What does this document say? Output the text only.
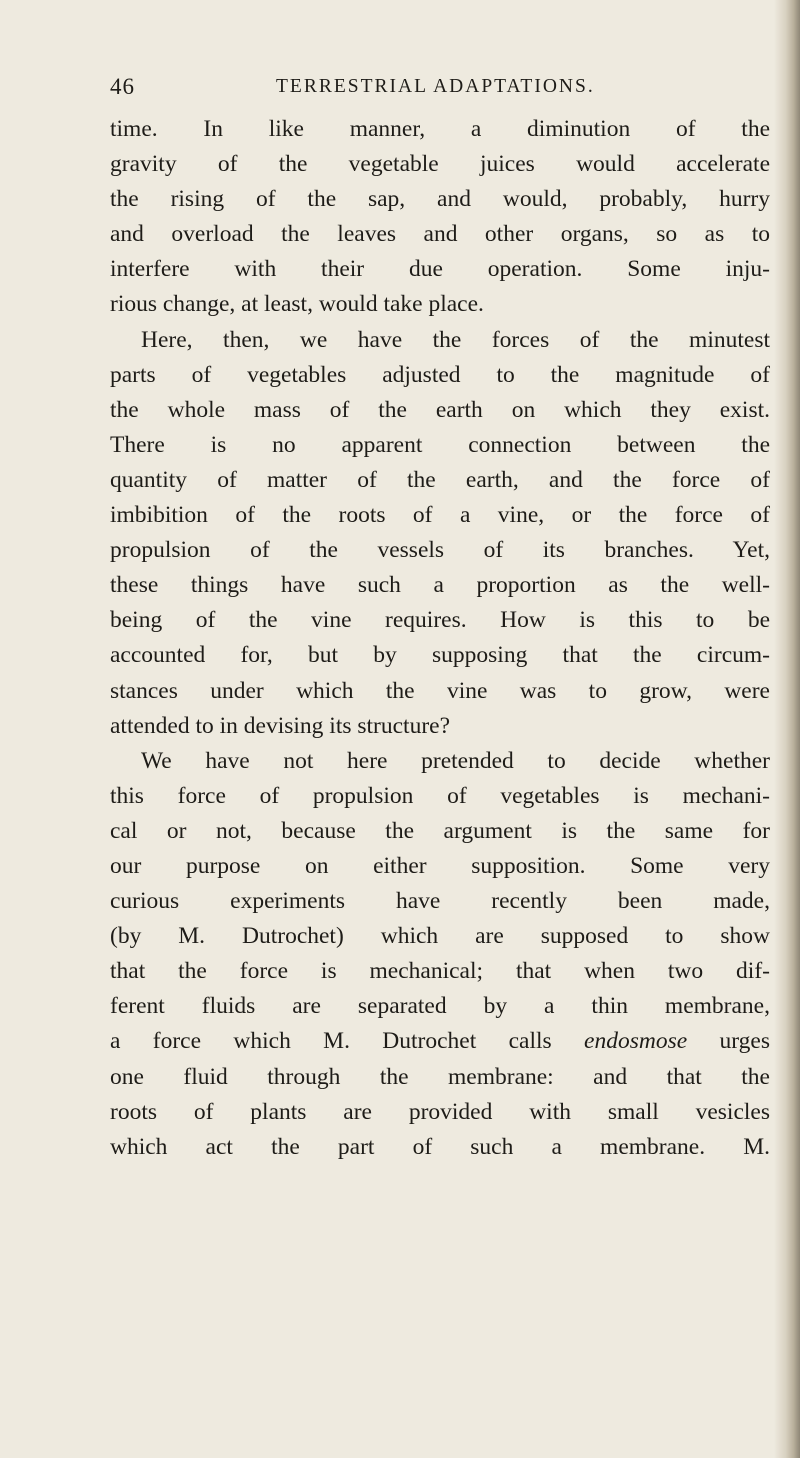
46	TERRESTRIAL ADAPTATIONS.
time. In like manner, a diminution of the
gravity of the vegetable juices would accelerate
the rising of the sap, and would, probably, hurry
and overload the leaves and other organs, so as to
interfere with their due operation. Some inju-
rious change, at least, would take place.
Here, then, we have the forces of the minutest
parts of vegetables adjusted to the magnitude of
the whole mass of the earth on which they exist.
There is no apparent connection between the
quantity of matter of the earth, and the force of
imbibition of the roots of a vine, or the force of
propulsion of the vessels of its branches. Yet,
these things have such a proportion as the well-
being of the vine requires. How is this to be
accounted for, but by supposing that the circum-
stances under which the vine was to grow, were
attended to in devising its structure?
We have not here pretended to decide whether
this force of propulsion of vegetables is mechani-
cal or not, because the argument is the same for
our purpose on either supposition. Some very
curious experiments have recently been made,
(by M. Dutrochet) which are supposed to show
that the force is mechanical; that when two dif-
ferent fluids are separated by a thin membrane,
a force which M. Dutrochet calls endosmose urges
one fluid through the membrane: and that the
roots of plants are provided with small vesicles
which act the part of such a membrane. M.
